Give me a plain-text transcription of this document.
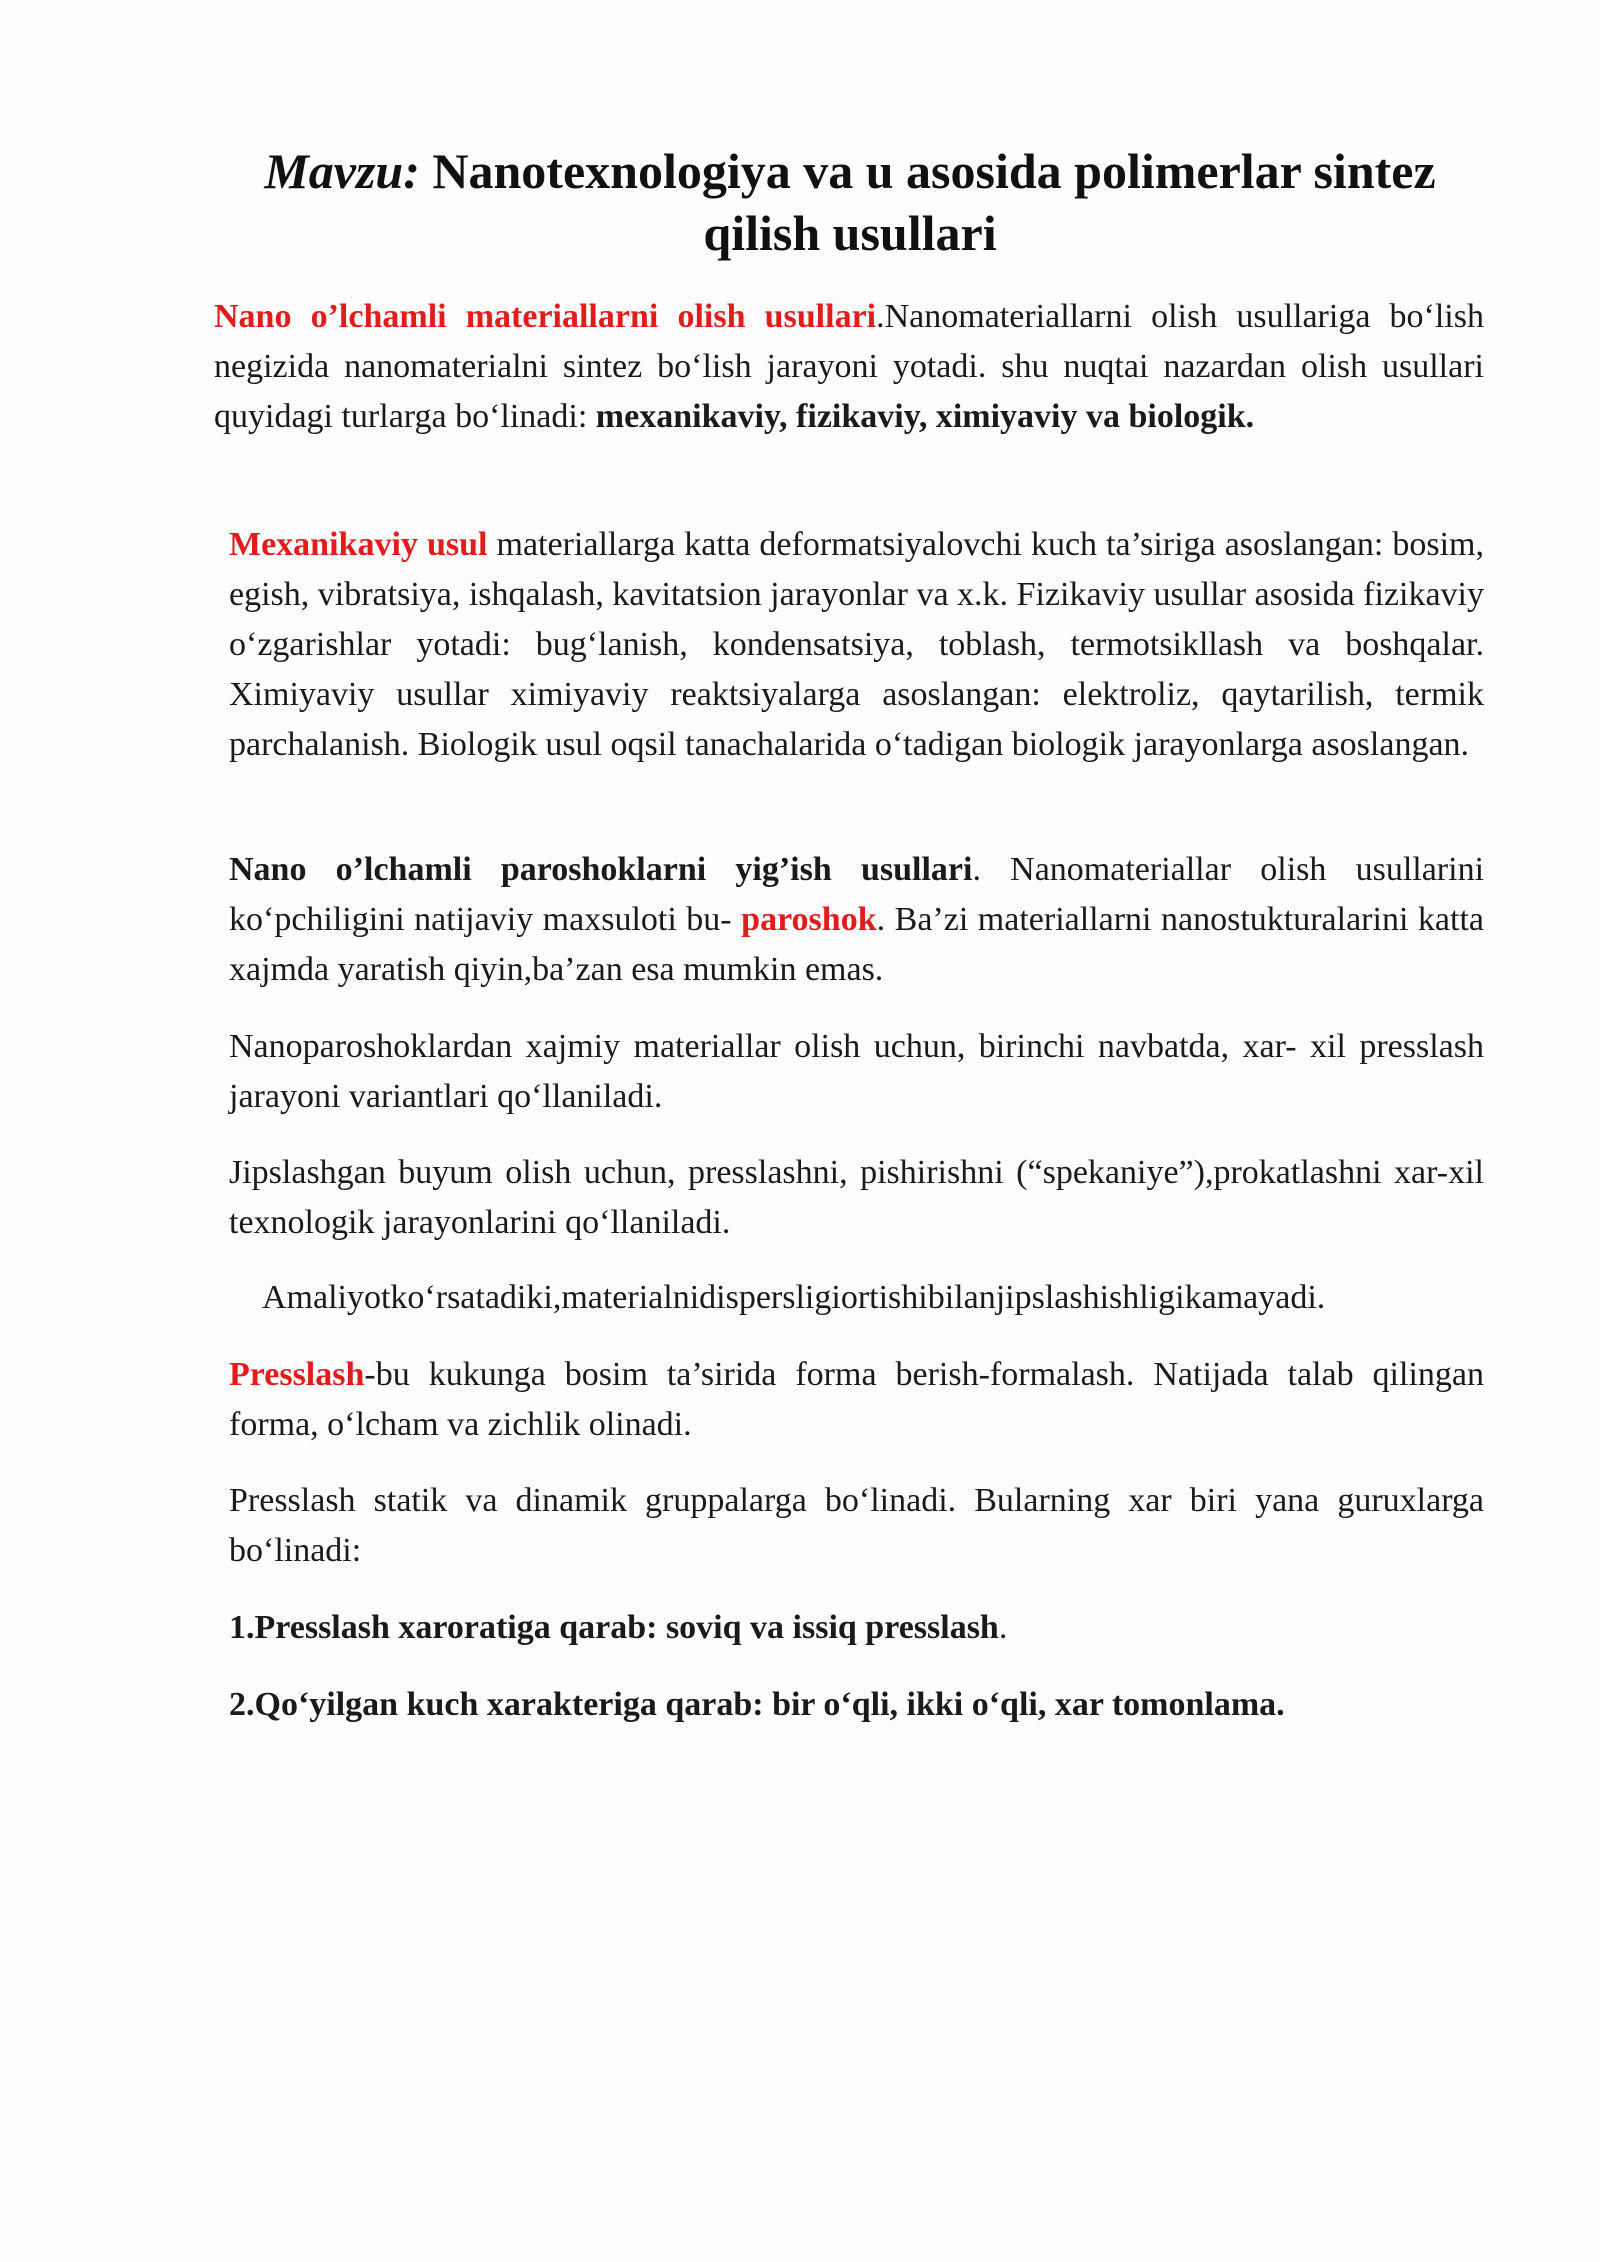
Mavzu: Nanotexnologiya va u asosida polimerlar sintez qilish usullari
Nano o’lchamli materiallarni olish usullari.Nanomateriallarni olish usullariga bo‘lish negizida nanomaterialni sintez bo‘lish jarayoni yotadi. shu nuqtai nazardan olish usullari quyidagi turlarga bo‘linadi: mexanikaviy, fizikaviy, ximiyaviy va biologik.
Mexanikaviy usul materiallarga katta deformatsiyalovchi kuch ta’siriga asoslangan: bosim, egish, vibratsiya, ishqalash, kavitatsion jarayonlar va x.k. Fizikaviy usullar asosida fizikaviy o‘zgarishlar yotadi: bug‘lanish, kondensatsiya, toblash, termotsikllash va boshqalar. Ximiyaviy usullar ximiyaviy reaktsiyalarga asoslangan: elektroliz, qaytarilish, termik parchalanish. Biologik usul oqsil tanachalarida o‘tadigan biologik jarayonlarga asoslangan.
Nano o’lchamli paroshoklarni yig’ish usullari. Nanomateriallar olish usullarini ko‘pchiligini natijaviy maxsuloti bu- paroshok. Ba’zi materiallarni nanostukturalarini katta xajmda yaratish qiyin,ba’zan esa mumkin emas.
Nanoparoshoklardan xajmiy materiallar olish uchun, birinchi navbatda, xar- xil presslash jarayoni variantlari qo‘llaniladi.
Jipslashgan buyum olish uchun, presslashni, pishirishni (“spekaniye”),prokatlashni xar-xil texnologik jarayonlarini qo‘llaniladi.
Amaliyotko‘rsatadiki,materialnidispersligiortishibilanjipslashishligikamayadi.
Presslash-bu kukunga bosim ta’sirida forma berish-formalash. Natijada talab qilingan forma, o‘lcham va zichlik olinadi.
Presslash statik va dinamik gruppalarga bo‘linadi. Bularning xar biri yana guruxlarga bo‘linadi:
1.Presslash xaroratiga qarab: soviq va issiq presslash.
2.Qo‘yilgan kuch xarakteriga qarab: bir o‘qli, ikki o‘qli, xar tomonlama.
